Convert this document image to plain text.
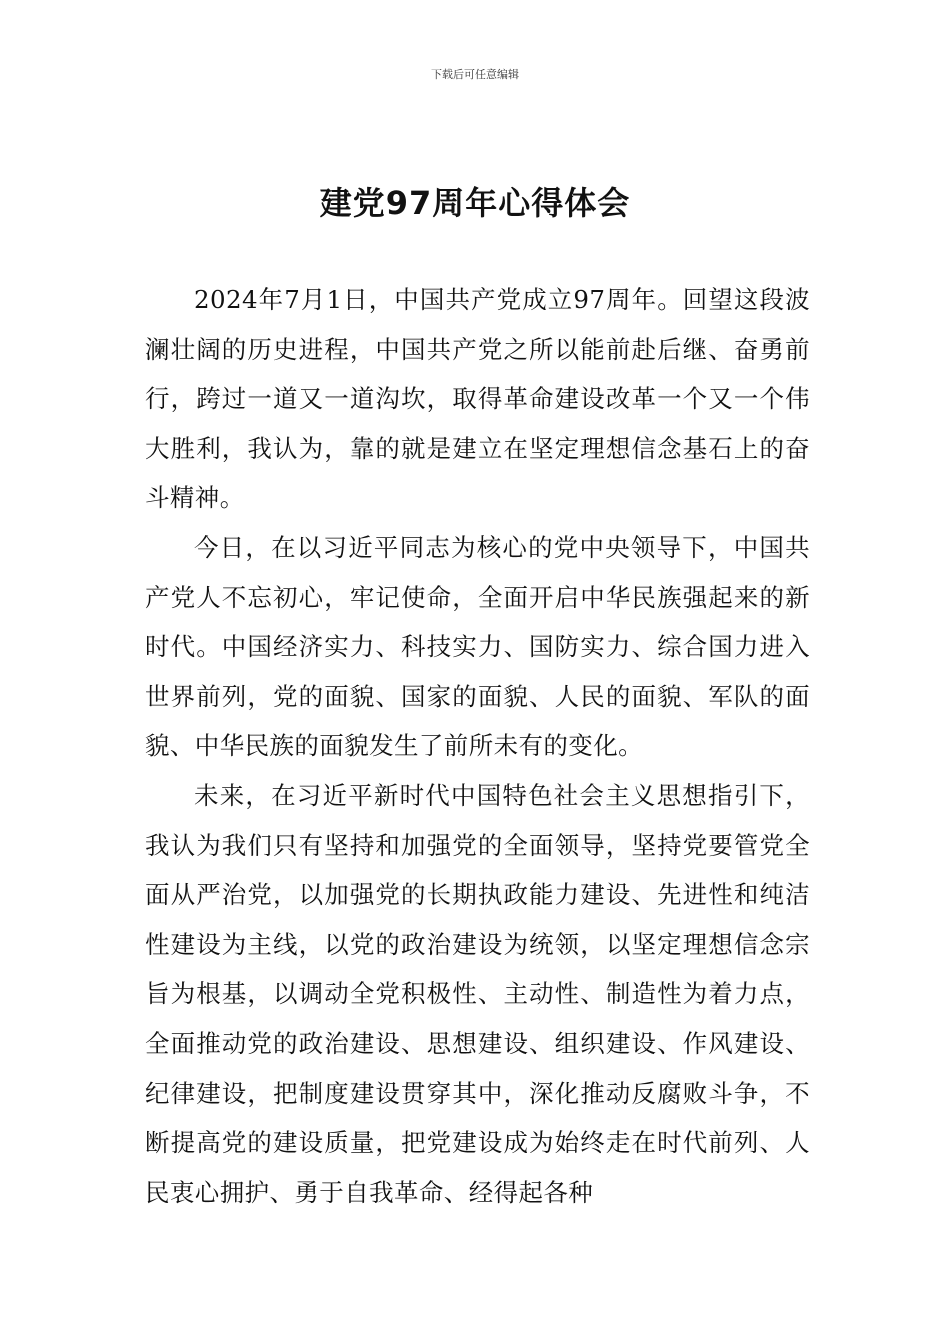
下载后可任意编辑
建党97周年心得体会

2024年7月1日，中国共产党成立97周年。回望这段波澜壮阔的历史进程，中国共产党之所以能前赴后继、奋勇前行，跨过一道又一道沟坎，取得革命建设改革一个又一个伟大胜利，我认为，靠的就是建立在坚定理想信念基石上的奋斗精神。

今日，在以习近平同志为核心的党中央领导下，中国共产党人不忘初心，牢记使命，全面开启中华民族强起来的新时代。中国经济实力、科技实力、国防实力、综合国力进入世界前列，党的面貌、国家的面貌、人民的面貌、军队的面貌、中华民族的面貌发生了前所未有的变化。

未来，在习近平新时代中国特色社会主义思想指引下，我认为我们只有坚持和加强党的全面领导，坚持党要管党全面从严治党，以加强党的长期执政能力建设、先进性和纯洁性建设为主线，以党的政治建设为统领，以坚定理想信念宗旨为根基，以调动全党积极性、主动性、制造性为着力点，全面推动党的政治建设、思想建设、组织建设、作风建设、纪律建设，把制度建设贯穿其中，深化推动反腐败斗争，不断提高党的建设质量，把党建设成为始终走在时代前列、人民衷心拥护、勇于自我革命、经得起各种
